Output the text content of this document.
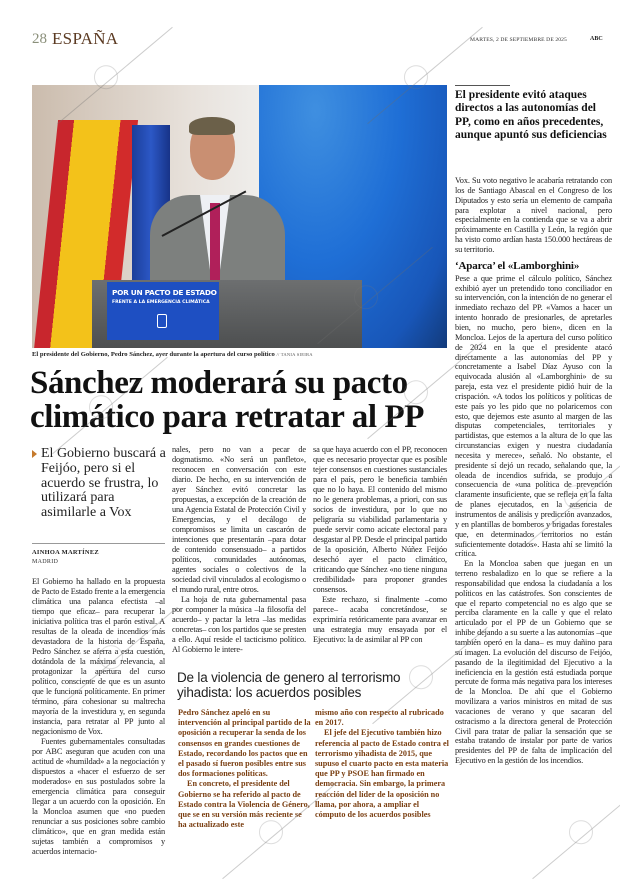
28 ESPAÑA	MARTES, 2 DE SEPTIEMBRE DE 2025	ABC
POR UN PACTO DE ESTADO
FRENTE A LA EMERGENCIA CLIMÁTICA
El presidente del Gobierno, Pedro Sánchez, ayer durante la apertura del curso político // TANIA SIEIRA
Sánchez moderará su pacto climático para retratar al PP
El Gobierno buscará a Feijóo, pero si el acuerdo se frustra, lo utilizará para asimilarle a Vox
AINHOA MARTÍNEZ
MADRID

El Gobierno ha hallado en la propuesta de Pacto de Estado frente a la emergencia climática una palanca efectista –al tiempo que eficaz– para recuperar la iniciativa política tras el parón estival. A resultas de la oleada de incendios más devastadora de la historia de España, Pedro Sánchez se aferra a esta cuestión, dotándola de la máxima relevancia, al protagonizar la apertura del curso político, consciente de que es un asunto que le funciona políticamente. En primer término, para cohesionar su maltrecha mayoría de la investidura y, en segunda instancia, para retratar al PP junto al negacionismo de Vox.

Fuentes gubernamentales consultadas por ABC aseguran que acuden con una actitud de «humildad» a la negociación y dispuestos a «hacer el esfuerzo de ser moderados» en sus postulados sobre la emergencia climática para conseguir llegar a un acuerdo con la oposición. En la Moncloa asumen que «no pueden renunciar a sus posiciones sobre cambio climático», que en gran medida están sujetas también a compromisos y acuerdos internacio-

nales, pero no van a pecar de dogmatismo. «No será un panfleto», reconocen en conversación con este diario. De hecho, en su intervención de ayer Sánchez evitó concretar las propuestas, a excepción de la creación de una Agencia Estatal de Protección Civil y Emergencias, y el decálogo de compromisos se limita un cascarón de intenciones que presentarán –para dotar de contenido consensuado– a partidos políticos, comunidades autónomas, agentes sociales o colectivos de la sociedad civil vinculados al ecologismo o el mundo rural, entre otros.

La hoja de ruta gubernamental pasa por componer la música –la filosofía del acuerdo– y pactar la letra –las medidas concretas– con los partidos que se presten a ello. Aquí reside el tacticismo político. Al Gobierno le intere-

sa que haya acuerdo con el PP, reconocen que es necesario proyectar que es posible tejer consensos en cuestiones sustanciales para el país, pero le beneficia también que no lo haya. El contenido del mismo no le genera problemas, a priori, con sus socios de investidura, por lo que no peligraría su viabilidad parlamentaria y puede servir como acicate electoral para desgastar al PP. Desde el principal partido de la oposición, Alberto Núñez Feijóo desechó ayer el pacto climático, criticando que Sánchez «no tiene ninguna credibilidad» para proponer grandes consensos.

Este rechazo, si finalmente –como parece– acaba concretándose, se exprimiría retóricamente para avanzar en una estrategia muy ensayada por el Ejecutivo: la de asimilar al PP con

El presidente evitó ataques directos a las autonomías del PP, como en años precedentes, aunque apuntó sus deficiencias

Vox. Su voto negativo le acabaría retratando con los de Santiago Abascal en el Congreso de los Diputados y esto sería un elemento de campaña para explotar a nivel nacional, pero especialmente en la contienda que se va a abrir próximamente en Castilla y León, la región que ha visto como ardían hasta 150.000 hectáreas de su territorio.

‘Aparca’ el «Lamborghini»

Pese a que prime el cálculo político, Sánchez exhibió ayer un pretendido tono conciliador en su intervención, con la intención de no generar el inmediato rechazo del PP. «Vamos a hacer un intento honrado de presionarles, de apretarles bien, no mucho, pero bien», dicen en la Moncloa. Lejos de la apertura del curso político de 2024 en la que el presidente atacó directamente a las autonomías del PP y concretamente a Isabel Díaz Ayuso con la equivocada alusión al «Lamborghini» de su pareja, esta vez el presidente pidió huir de la crispación. «A todos los políticos y políticas de este país yo les pido que no polaricemos con esto, que dejemos este asunto al margen de las disputas competenciales, territoriales y partidistas, que estemos a la altura de lo que las circunstancias exigen y nuestra ciudadanía necesita y merece», señaló. No obstante, el presidente sí dejó un recado, señalando que, la oleada de incendios sufrida, se produjo a consecuencia de «una política de prevención claramente insuficiente, que se refleja en la falta de planes ejecutados, en la ausencia de instrumentos de análisis y predicción avanzados, y en plantillas de bomberos y brigadas forestales que, en determinados territorios no están suficientemente dotados». Hasta ahí se limitó la crítica.

En la Moncloa saben que juegan en un terreno resbaladizo en lo que se refiere a la responsabilidad que endosa la ciudadanía a los políticos en las catástrofes. Son conscientes de que el reparto competencial no es algo que se perciba claramente en la calle y que el relato articulado por el PP de un Gobierno que se inhibe dejando a su suerte a las autonomías –que también operó en la dana– es muy dañino para su imagen. La evolución del discurso de Feijóo, pasando de la ilegitimidad del Ejecutivo a la ineficiencia en la gestión está estudiada porque percute de forma más negativa para los intereses de la Moncloa. De ahí que el Gobierno movilizara a varios ministros en mitad de sus vacaciones de verano y que sacaran del ostracismo a la directora general de Protección Civil para tratar de paliar la sensación que se estaba tratando de instalar por parte de varios presidentes del PP de falta de implicación del Ejecutivo en la gestión de los incendios.

De la violencia de genero al terrorismo yihadista: los acuerdos posibles

Pedro Sánchez apeló en su intervención al principal partido de la oposición a recuperar la senda de los consensos en grandes cuestiones de Estado, recordando los pactos que en el pasado sí fueron posibles entre sus dos formaciones políticas.

En concreto, el presidente del Gobierno se ha referido al pacto de Estado contra la Violencia de Género, que se en su versión más reciente se ha actualizado este

mismo año con respecto al rubricado en 2017.

El jefe del Ejecutivo también hizo referencia al pacto de Estado contra el terrorismo yihadista de 2015, que supuso el cuarto pacto en esta materia que PP y PSOE han firmado en democracia. Sin embargo, la primera reacción del líder de la oposición no llama, por ahora, a ampliar el cómputo de los acuerdos posibles
